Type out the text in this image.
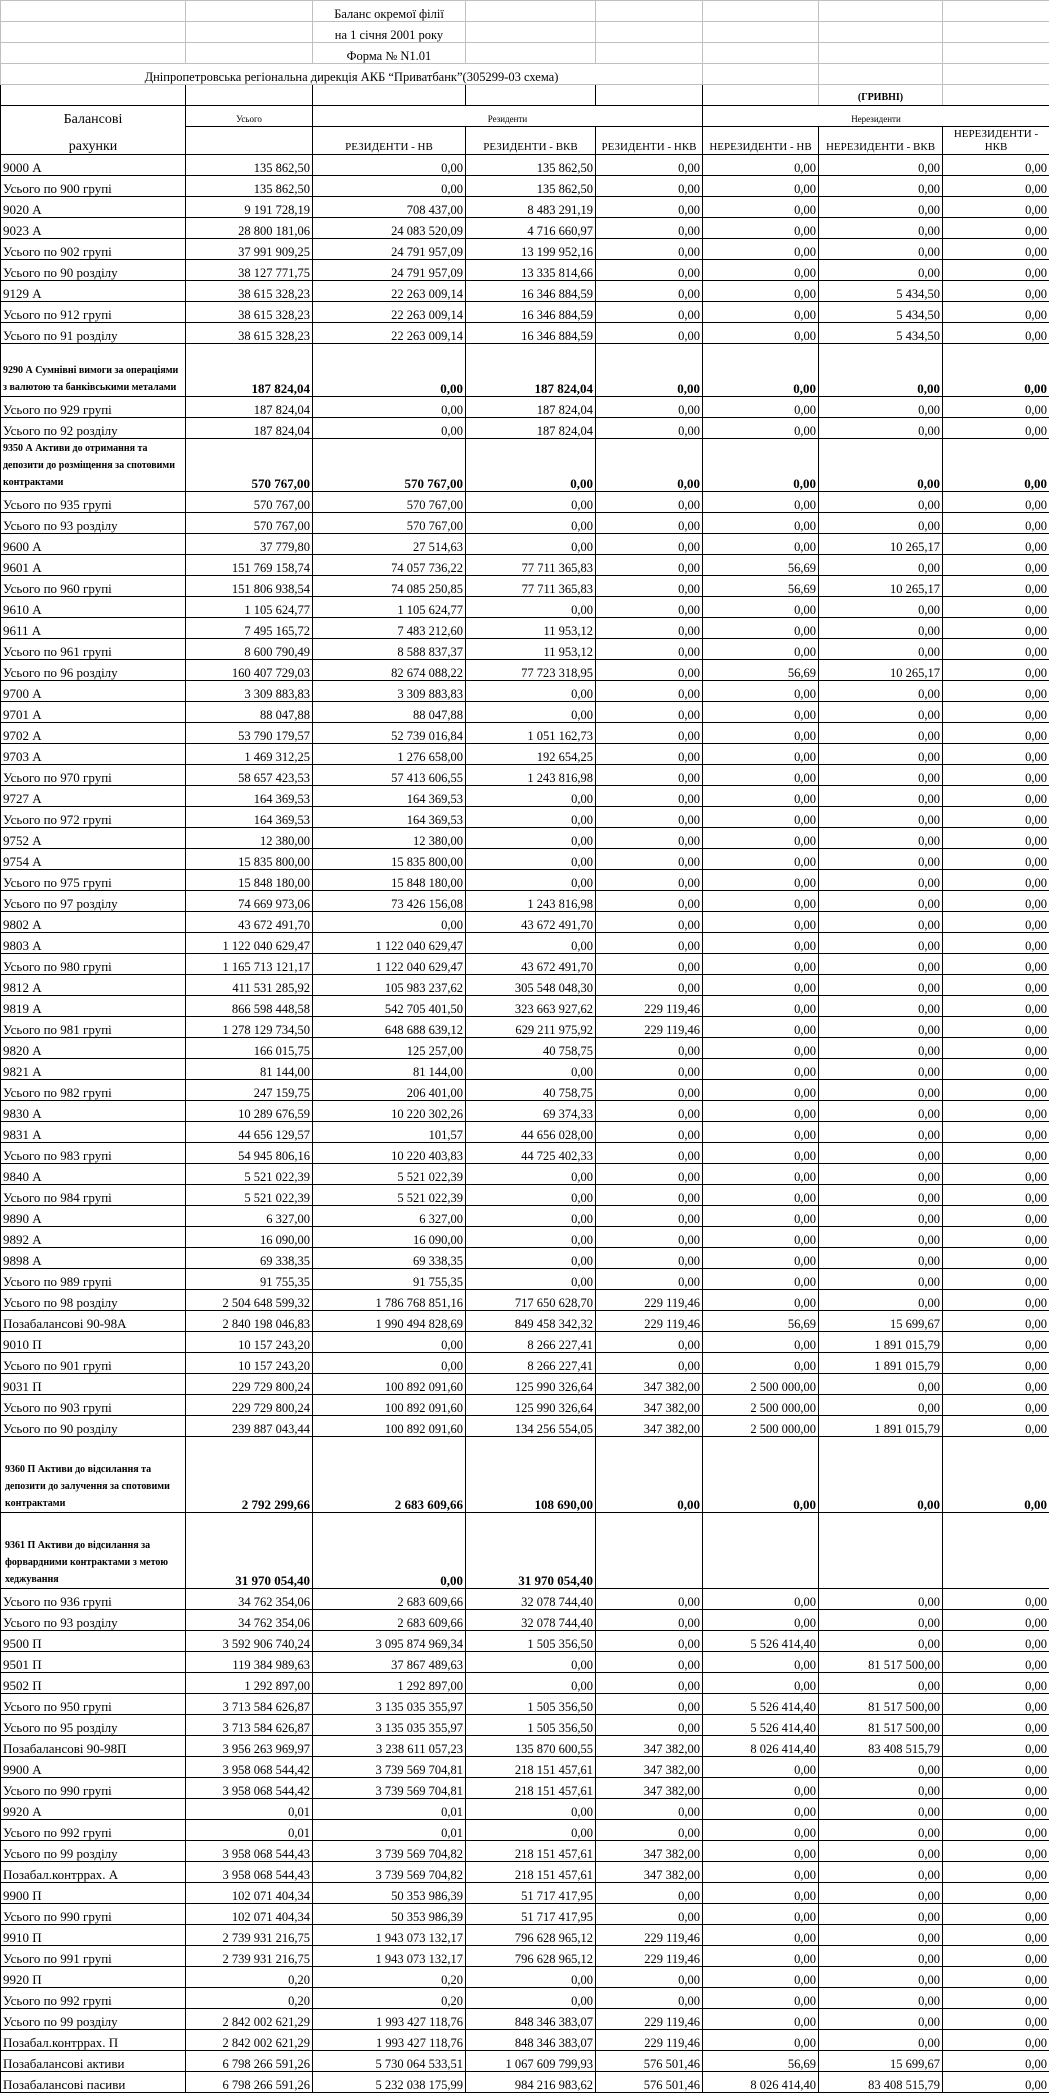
		Баланс окремої філії					
		на 1 січня 2001 року					
		Форма № N1.01					
Дніпропетровська регіональна дирекція АКБ “Приватбанк”(305299-03 схема)							
						(ГРИВНІ)	
Балансові	Усього	Резиденти			Нерезиденти		
рахунки		РЕЗИДЕНТИ - НВ	РЕЗИДЕНТИ - ВКВ	РЕЗИДЕНТИ - НКВ	НЕРЕЗИДЕНТИ - НВ	НЕРЕЗИДЕНТИ - ВКВ	НЕРЕЗИДЕНТИ - НКВ
9000 А	135 862,50	0,00	135 862,50	0,00	0,00	0,00	0,00
Усього по 900 групі	135 862,50	0,00	135 862,50	0,00	0,00	0,00	0,00
9020 А	9 191 728,19	708 437,00	8 483 291,19	0,00	0,00	0,00	0,00
9023 А	28 800 181,06	24 083 520,09	4 716 660,97	0,00	0,00	0,00	0,00
Усього по 902 групі	37 991 909,25	24 791 957,09	13 199 952,16	0,00	0,00	0,00	0,00
Усього по 90 розділу	38 127 771,75	24 791 957,09	13 335 814,66	0,00	0,00	0,00	0,00
9129 А	38 615 328,23	22 263 009,14	16 346 884,59	0,00	0,00	5 434,50	0,00
Усього по 912 групі	38 615 328,23	22 263 009,14	16 346 884,59	0,00	0,00	5 434,50	0,00
Усього по 91 розділу	38 615 328,23	22 263 009,14	16 346 884,59	0,00	0,00	5 434,50	0,00
9290 А Сумнівні вимоги за операціями з валютою та банківськими металами	187 824,04	0,00	187 824,04	0,00	0,00	0,00	0,00
Усього по 929 групі	187 824,04	0,00	187 824,04	0,00	0,00	0,00	0,00
Усього по 92 розділу	187 824,04	0,00	187 824,04	0,00	0,00	0,00	0,00
9350 А Активи до отримання та депозити до розміщення за спотовими контрактами	570 767,00	570 767,00	0,00	0,00	0,00	0,00	0,00
Усього по 935 групі	570 767,00	570 767,00	0,00	0,00	0,00	0,00	0,00
Усього по 93 розділу	570 767,00	570 767,00	0,00	0,00	0,00	0,00	0,00
9600 А	37 779,80	27 514,63	0,00	0,00	0,00	10 265,17	0,00
9601 А	151 769 158,74	74 057 736,22	77 711 365,83	0,00	56,69	0,00	0,00
Усього по 960 групі	151 806 938,54	74 085 250,85	77 711 365,83	0,00	56,69	10 265,17	0,00
9610 А	1 105 624,77	1 105 624,77	0,00	0,00	0,00	0,00	0,00
9611 А	7 495 165,72	7 483 212,60	11 953,12	0,00	0,00	0,00	0,00
Усього по 961 групі	8 600 790,49	8 588 837,37	11 953,12	0,00	0,00	0,00	0,00
Усього по 96 розділу	160 407 729,03	82 674 088,22	77 723 318,95	0,00	56,69	10 265,17	0,00
9700 А	3 309 883,83	3 309 883,83	0,00	0,00	0,00	0,00	0,00
9701 А	88 047,88	88 047,88	0,00	0,00	0,00	0,00	0,00
9702 А	53 790 179,57	52 739 016,84	1 051 162,73	0,00	0,00	0,00	0,00
9703 А	1 469 312,25	1 276 658,00	192 654,25	0,00	0,00	0,00	0,00
Усього по 970 групі	58 657 423,53	57 413 606,55	1 243 816,98	0,00	0,00	0,00	0,00
9727 А	164 369,53	164 369,53	0,00	0,00	0,00	0,00	0,00
Усього по 972 групі	164 369,53	164 369,53	0,00	0,00	0,00	0,00	0,00
9752 А	12 380,00	12 380,00	0,00	0,00	0,00	0,00	0,00
9754 А	15 835 800,00	15 835 800,00	0,00	0,00	0,00	0,00	0,00
Усього по 975 групі	15 848 180,00	15 848 180,00	0,00	0,00	0,00	0,00	0,00
Усього по 97 розділу	74 669 973,06	73 426 156,08	1 243 816,98	0,00	0,00	0,00	0,00
9802 А	43 672 491,70	0,00	43 672 491,70	0,00	0,00	0,00	0,00
9803 А	1 122 040 629,47	1 122 040 629,47	0,00	0,00	0,00	0,00	0,00
Усього по 980 групі	1 165 713 121,17	1 122 040 629,47	43 672 491,70	0,00	0,00	0,00	0,00
9812 А	411 531 285,92	105 983 237,62	305 548 048,30	0,00	0,00	0,00	0,00
9819 А	866 598 448,58	542 705 401,50	323 663 927,62	229 119,46	0,00	0,00	0,00
Усього по 981 групі	1 278 129 734,50	648 688 639,12	629 211 975,92	229 119,46	0,00	0,00	0,00
9820 А	166 015,75	125 257,00	40 758,75	0,00	0,00	0,00	0,00
9821 А	81 144,00	81 144,00	0,00	0,00	0,00	0,00	0,00
Усього по 982 групі	247 159,75	206 401,00	40 758,75	0,00	0,00	0,00	0,00
9830 А	10 289 676,59	10 220 302,26	69 374,33	0,00	0,00	0,00	0,00
9831 А	44 656 129,57	101,57	44 656 028,00	0,00	0,00	0,00	0,00
Усього по 983 групі	54 945 806,16	10 220 403,83	44 725 402,33	0,00	0,00	0,00	0,00
9840 А	5 521 022,39	5 521 022,39	0,00	0,00	0,00	0,00	0,00
Усього по 984 групі	5 521 022,39	5 521 022,39	0,00	0,00	0,00	0,00	0,00
9890 А	6 327,00	6 327,00	0,00	0,00	0,00	0,00	0,00
9892 А	16 090,00	16 090,00	0,00	0,00	0,00	0,00	0,00
9898 А	69 338,35	69 338,35	0,00	0,00	0,00	0,00	0,00
Усього по 989 групі	91 755,35	91 755,35	0,00	0,00	0,00	0,00	0,00
Усього по 98 розділу	2 504 648 599,32	1 786 768 851,16	717 650 628,70	229 119,46	0,00	0,00	0,00
Позабалансові 90-98А	2 840 198 046,83	1 990 494 828,69	849 458 342,32	229 119,46	56,69	15 699,67	0,00
9010 П	10 157 243,20	0,00	8 266 227,41	0,00	0,00	1 891 015,79	0,00
Усього по 901 групі	10 157 243,20	0,00	8 266 227,41	0,00	0,00	1 891 015,79	0,00
9031 П	229 729 800,24	100 892 091,60	125 990 326,64	347 382,00	2 500 000,00	0,00	0,00
Усього по 903 групі	229 729 800,24	100 892 091,60	125 990 326,64	347 382,00	2 500 000,00	0,00	0,00
Усього по 90 розділу	239 887 043,44	100 892 091,60	134 256 554,05	347 382,00	2 500 000,00	1 891 015,79	0,00
9360 П Активи до відсилання та депозити до залучення за спотовими контрактами	2 792 299,66	2 683 609,66	108 690,00	0,00	0,00	0,00	0,00
9361 П Активи до відсилання за форвардними контрактами з метою хеджування	31 970 054,40	0,00	31 970 054,40				
Усього по 936 групі	34 762 354,06	2 683 609,66	32 078 744,40	0,00	0,00	0,00	0,00
Усього по 93 розділу	34 762 354,06	2 683 609,66	32 078 744,40	0,00	0,00	0,00	0,00
9500 П	3 592 906 740,24	3 095 874 969,34	1 505 356,50	0,00	5 526 414,40	0,00	0,00
9501 П	119 384 989,63	37 867 489,63	0,00	0,00	0,00	81 517 500,00	0,00
9502 П	1 292 897,00	1 292 897,00	0,00	0,00	0,00	0,00	0,00
Усього по 950 групі	3 713 584 626,87	3 135 035 355,97	1 505 356,50	0,00	5 526 414,40	81 517 500,00	0,00
Усього по 95 розділу	3 713 584 626,87	3 135 035 355,97	1 505 356,50	0,00	5 526 414,40	81 517 500,00	0,00
Позабалансові 90-98П	3 956 263 969,97	3 238 611 057,23	135 870 600,55	347 382,00	8 026 414,40	83 408 515,79	0,00
9900 А	3 958 068 544,42	3 739 569 704,81	218 151 457,61	347 382,00	0,00	0,00	0,00
Усього по 990 групі	3 958 068 544,42	3 739 569 704,81	218 151 457,61	347 382,00	0,00	0,00	0,00
9920 А	0,01	0,01	0,00	0,00	0,00	0,00	0,00
Усього по 992 групі	0,01	0,01	0,00	0,00	0,00	0,00	0,00
Усього по 99 розділу	3 958 068 544,43	3 739 569 704,82	218 151 457,61	347 382,00	0,00	0,00	0,00
Позабал.контррах. А	3 958 068 544,43	3 739 569 704,82	218 151 457,61	347 382,00	0,00	0,00	0,00
9900 П	102 071 404,34	50 353 986,39	51 717 417,95	0,00	0,00	0,00	0,00
Усього по 990 групі	102 071 404,34	50 353 986,39	51 717 417,95	0,00	0,00	0,00	0,00
9910 П	2 739 931 216,75	1 943 073 132,17	796 628 965,12	229 119,46	0,00	0,00	0,00
Усього по 991 групі	2 739 931 216,75	1 943 073 132,17	796 628 965,12	229 119,46	0,00	0,00	0,00
9920 П	0,20	0,20	0,00	0,00	0,00	0,00	0,00
Усього по 992 групі	0,20	0,20	0,00	0,00	0,00	0,00	0,00
Усього по 99 розділу	2 842 002 621,29	1 993 427 118,76	848 346 383,07	229 119,46	0,00	0,00	0,00
Позабал.контррах. П	2 842 002 621,29	1 993 427 118,76	848 346 383,07	229 119,46	0,00	0,00	0,00
Позабалансові активи	6 798 266 591,26	5 730 064 533,51	1 067 609 799,93	576 501,46	56,69	15 699,67	0,00
Позабалансові пасиви	6 798 266 591,26	5 232 038 175,99	984 216 983,62	576 501,46	8 026 414,40	83 408 515,79	0,00
